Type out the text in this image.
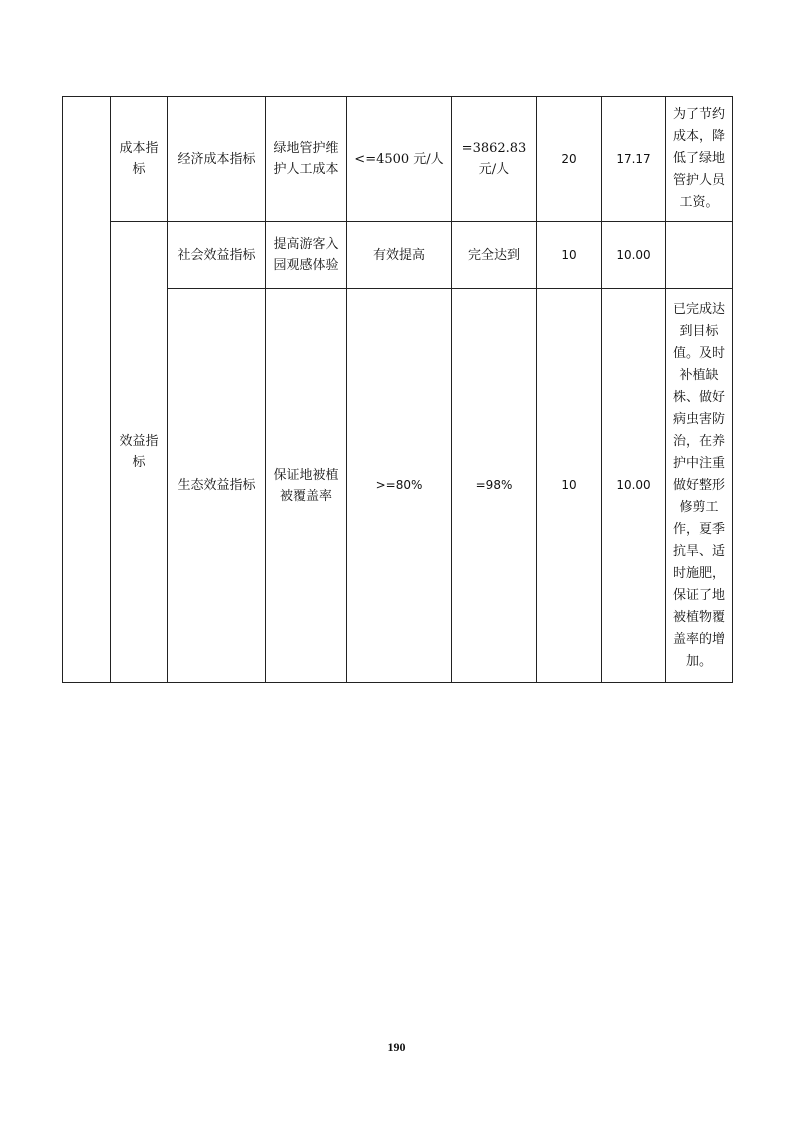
	成本指标	经济成本指标	绿地管护维护人工成本	<=4500 元/人	=3862.83 元/人	20	17.17	为了节约成本，降低了绿地管护人员工资。
	效益指标	社会效益指标	提高游客入园观感体验	有效提高	完全达到	10	10.00	
		生态效益指标	保证地被植被覆盖率	>=80%	=98%	10	10.00	已完成达到目标值。及时补植缺株、做好病虫害防治，在养护中注重做好整形修剪工作，夏季抗旱、适时施肥，保证了地被植物覆盖率的增加。
190
